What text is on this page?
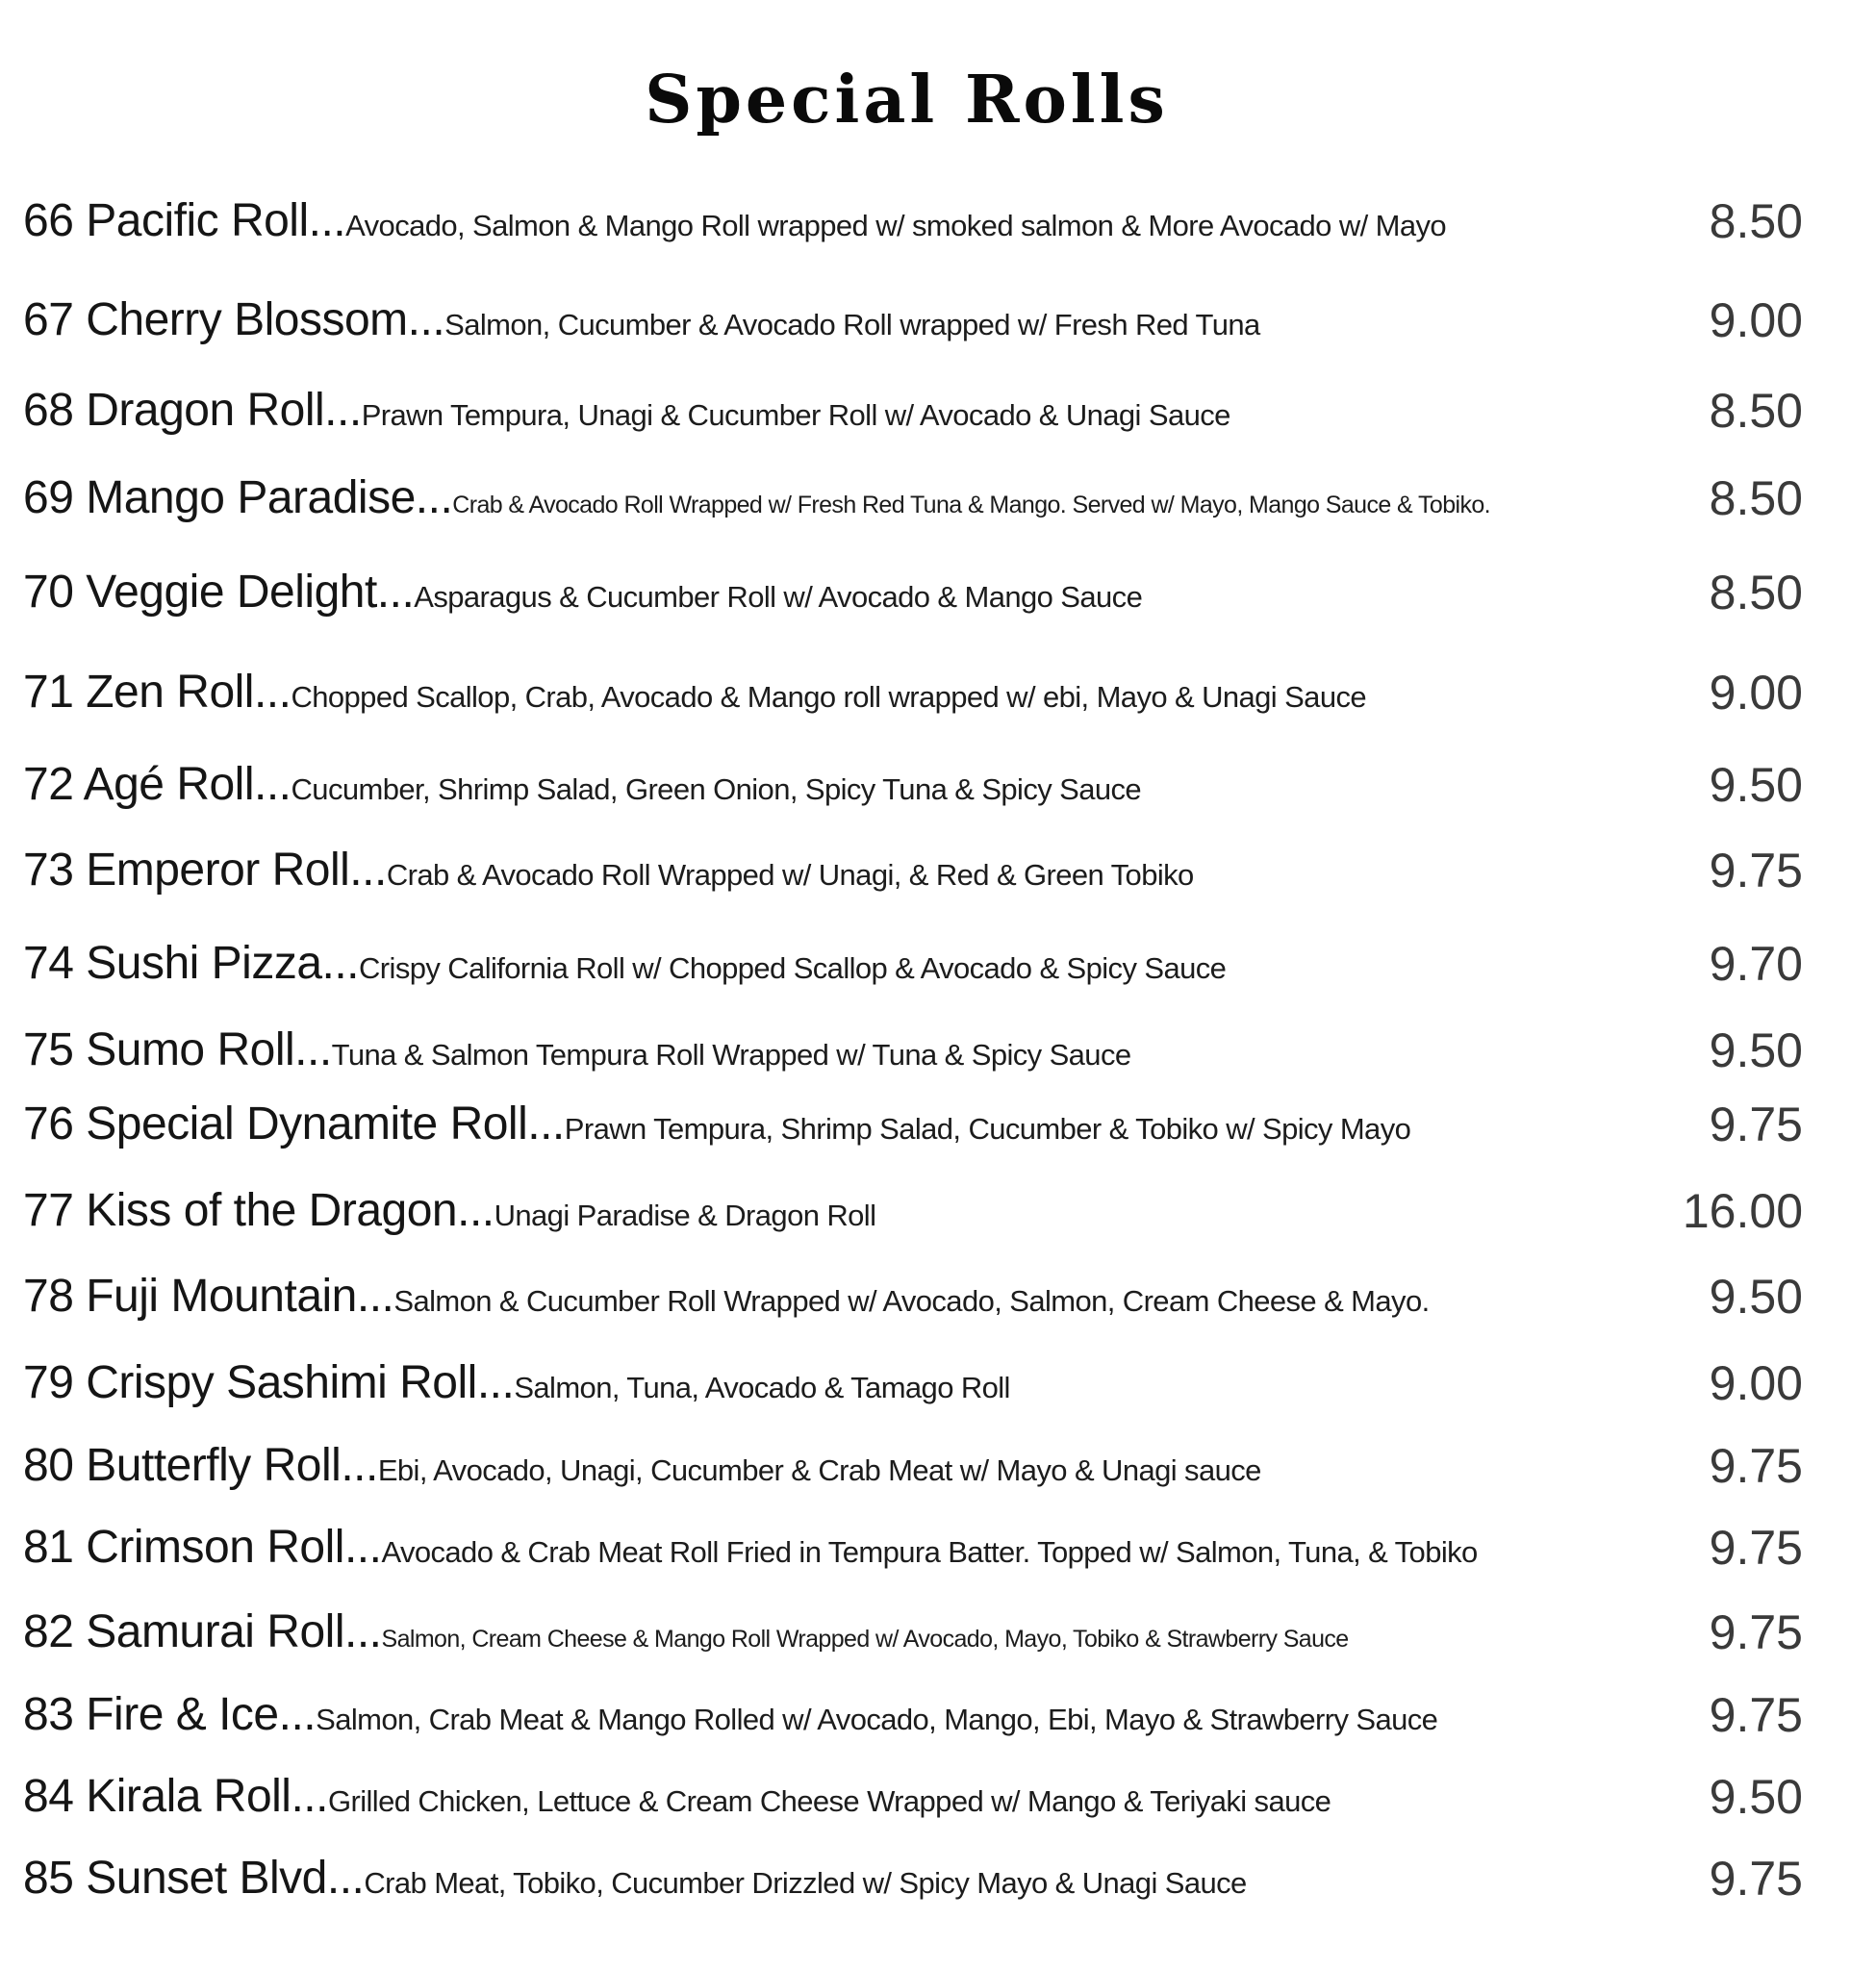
Special Rolls
66 Pacific Roll...Avocado, Salmon & Mango Roll wrapped w/ smoked salmon & More Avocado w/ Mayo	8.50
67 Cherry Blossom...Salmon, Cucumber & Avocado Roll wrapped w/ Fresh Red Tuna	9.00
68 Dragon Roll...Prawn Tempura, Unagi & Cucumber Roll w/ Avocado & Unagi Sauce	8.50
69 Mango Paradise...Crab & Avocado Roll Wrapped w/ Fresh Red Tuna & Mango. Served w/ Mayo, Mango Sauce & Tobiko.	8.50
70 Veggie Delight...Asparagus & Cucumber Roll w/ Avocado & Mango Sauce	8.50
71 Zen Roll...Chopped Scallop, Crab, Avocado & Mango roll wrapped w/ ebi, Mayo & Unagi Sauce	9.00
72 Agé Roll...Cucumber, Shrimp Salad, Green Onion, Spicy Tuna & Spicy Sauce	9.50
73 Emperor Roll...Crab & Avocado Roll Wrapped w/ Unagi, & Red & Green Tobiko	9.75
74 Sushi Pizza...Crispy California Roll w/ Chopped Scallop & Avocado & Spicy Sauce	9.70
75 Sumo Roll...Tuna & Salmon Tempura Roll Wrapped w/ Tuna & Spicy Sauce	9.50
76 Special Dynamite Roll...Prawn Tempura, Shrimp Salad, Cucumber & Tobiko w/ Spicy Mayo	9.75
77 Kiss of the Dragon...Unagi Paradise & Dragon Roll	16.00
78 Fuji Mountain...Salmon & Cucumber Roll Wrapped w/ Avocado, Salmon, Cream Cheese & Mayo.	9.50
79 Crispy Sashimi Roll...Salmon, Tuna, Avocado & Tamago Roll	9.00
80 Butterfly Roll...Ebi, Avocado, Unagi, Cucumber & Crab Meat w/ Mayo & Unagi sauce	9.75
81 Crimson Roll...Avocado & Crab Meat Roll Fried in Tempura Batter. Topped w/ Salmon, Tuna, & Tobiko	9.75
82 Samurai Roll...Salmon, Cream Cheese & Mango Roll Wrapped w/ Avocado, Mayo, Tobiko & Strawberry Sauce	9.75
83 Fire & Ice...Salmon, Crab Meat & Mango Rolled w/ Avocado, Mango, Ebi, Mayo & Strawberry Sauce	9.75
84 Kirala Roll...Grilled Chicken, Lettuce & Cream Cheese Wrapped w/ Mango & Teriyaki sauce	9.50
85 Sunset Blvd...Crab Meat, Tobiko, Cucumber Drizzled w/ Spicy Mayo & Unagi Sauce	9.75
